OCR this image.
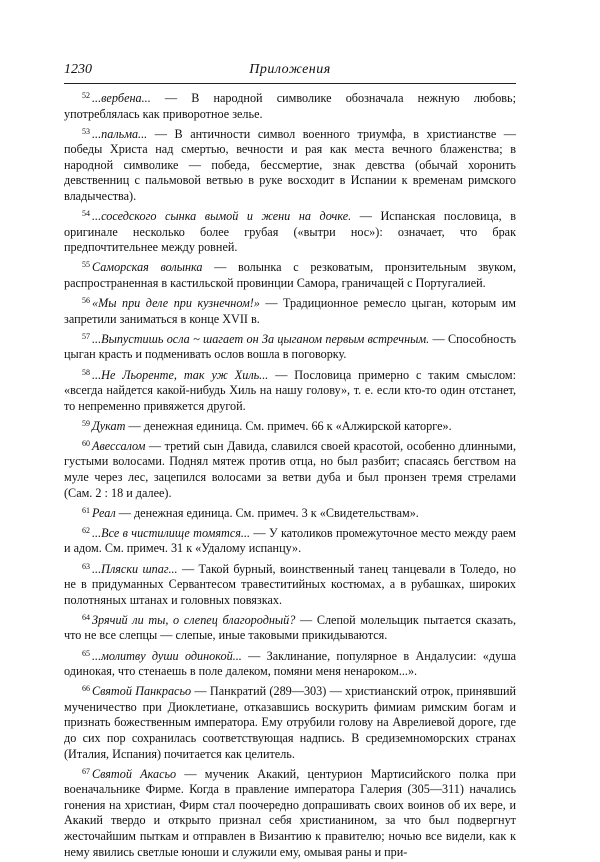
1230	Приложения

$^{52}$ ...вербена... — В народной символике обозначала нежную любовь; употреблялась как приворотное зелье.

$^{53}$ ...пальма... — В античности символ военного триумфа, в христианстве — победы Христа над смертью, вечности и рая как места вечного блаженства; в народной символике — победа, бессмертие, знак девства (обычай хоронить девственниц с пальмовой ветвью в руке восходит в Испании к временам римского владычества).

$^{54}$ ...соседского сынка вымой и жени на дочке. — Испанская пословица, в оригинале несколько более грубая («вытри нос»): означает, что брак предпочтительнее между ровней.

$^{55}$ Саморская волынка — волынка с резковатым, пронзительным звуком, распространенная в кастильской провинции Самора, граничащей с Португалией.

$^{56}$ «Мы при деле при кузнечном!» — Традиционное ремесло цыган, которым им запретили заниматься в конце XVII в.

$^{57}$ ...Выпустишь осла ~ шагает он За цыганом первым встречным. — Способность цыган красть и подменивать ослов вошла в поговорку.

$^{58}$ ...Не Льоренте, так уж Хиль... — Пословица примерно с таким смыслом: «всегда найдется какой-нибудь Хиль на нашу голову», т. е. если кто-то один отстанет, то непременно привяжется другой.

$^{59}$ Дукат — денежная единица. См. примеч. 66 к «Алжирской каторге».

$^{60}$ Авессалом — третий сын Давида, славился своей красотой, особенно длинными, густыми волосами. Поднял мятеж против отца, но был разбит; спасаясь бегством на муле через лес, зацепился волосами за ветви дуба и был пронзен тремя стрелами (Сам. 2 : 18 и далее).

$^{61}$ Реал — денежная единица. См. примеч. 3 к «Свидетельствам».

$^{62}$ ...Все в чистилище томятся... — У католиков промежуточное место между раем и адом. См. примеч. 31 к «Удалому испанцу».

$^{63}$ ...Пляски шпаг... — Такой бурный, воинственный танец танцевали в Толедо, но не в придуманных Сервантесом травеститийных костюмах, а в рубашках, широких полотняных штанах и головных повязках.

$^{64}$ Зрячий ли ты, о слепец благородный? — Слепой молельщик пытается сказать, что не все слепцы — слепые, иные таковыми прикидываются.

$^{65}$ ...молитву души одинокой... — Заклинание, популярное в Андалусии: «душа одинокая, что стенаешь в поле далеком, помяни меня ненароком...».

$^{66}$ Святой Панкрасьо — Панкратий (289—303) — христианский отрок, принявший мученичество при Диоклетиане, отказавшись воскурить фимиам римским богам и признать божественным императора. Ему отрубили голову на Аврелиевой дороге, где до сих пор сохранилась соответствующая надпись. В средиземноморских странах (Италия, Испания) почитается как целитель.

$^{67}$ Святой Акасьо — мученик Акакий, центурион Мартисийского полка при военачальнике Фирме. Когда в правление императора Галерия (305—311) начались гонения на христиан, Фирм стал поочередно допрашивать своих воинов об их вере, и Акакий твердо и открыто признал себя христианином, за что был подвергнут жесточайшим пыткам и отправлен в Византию к правителю; ночью все видели, как к нему явились светлые юноши и служили ему, омывая раны и при-
